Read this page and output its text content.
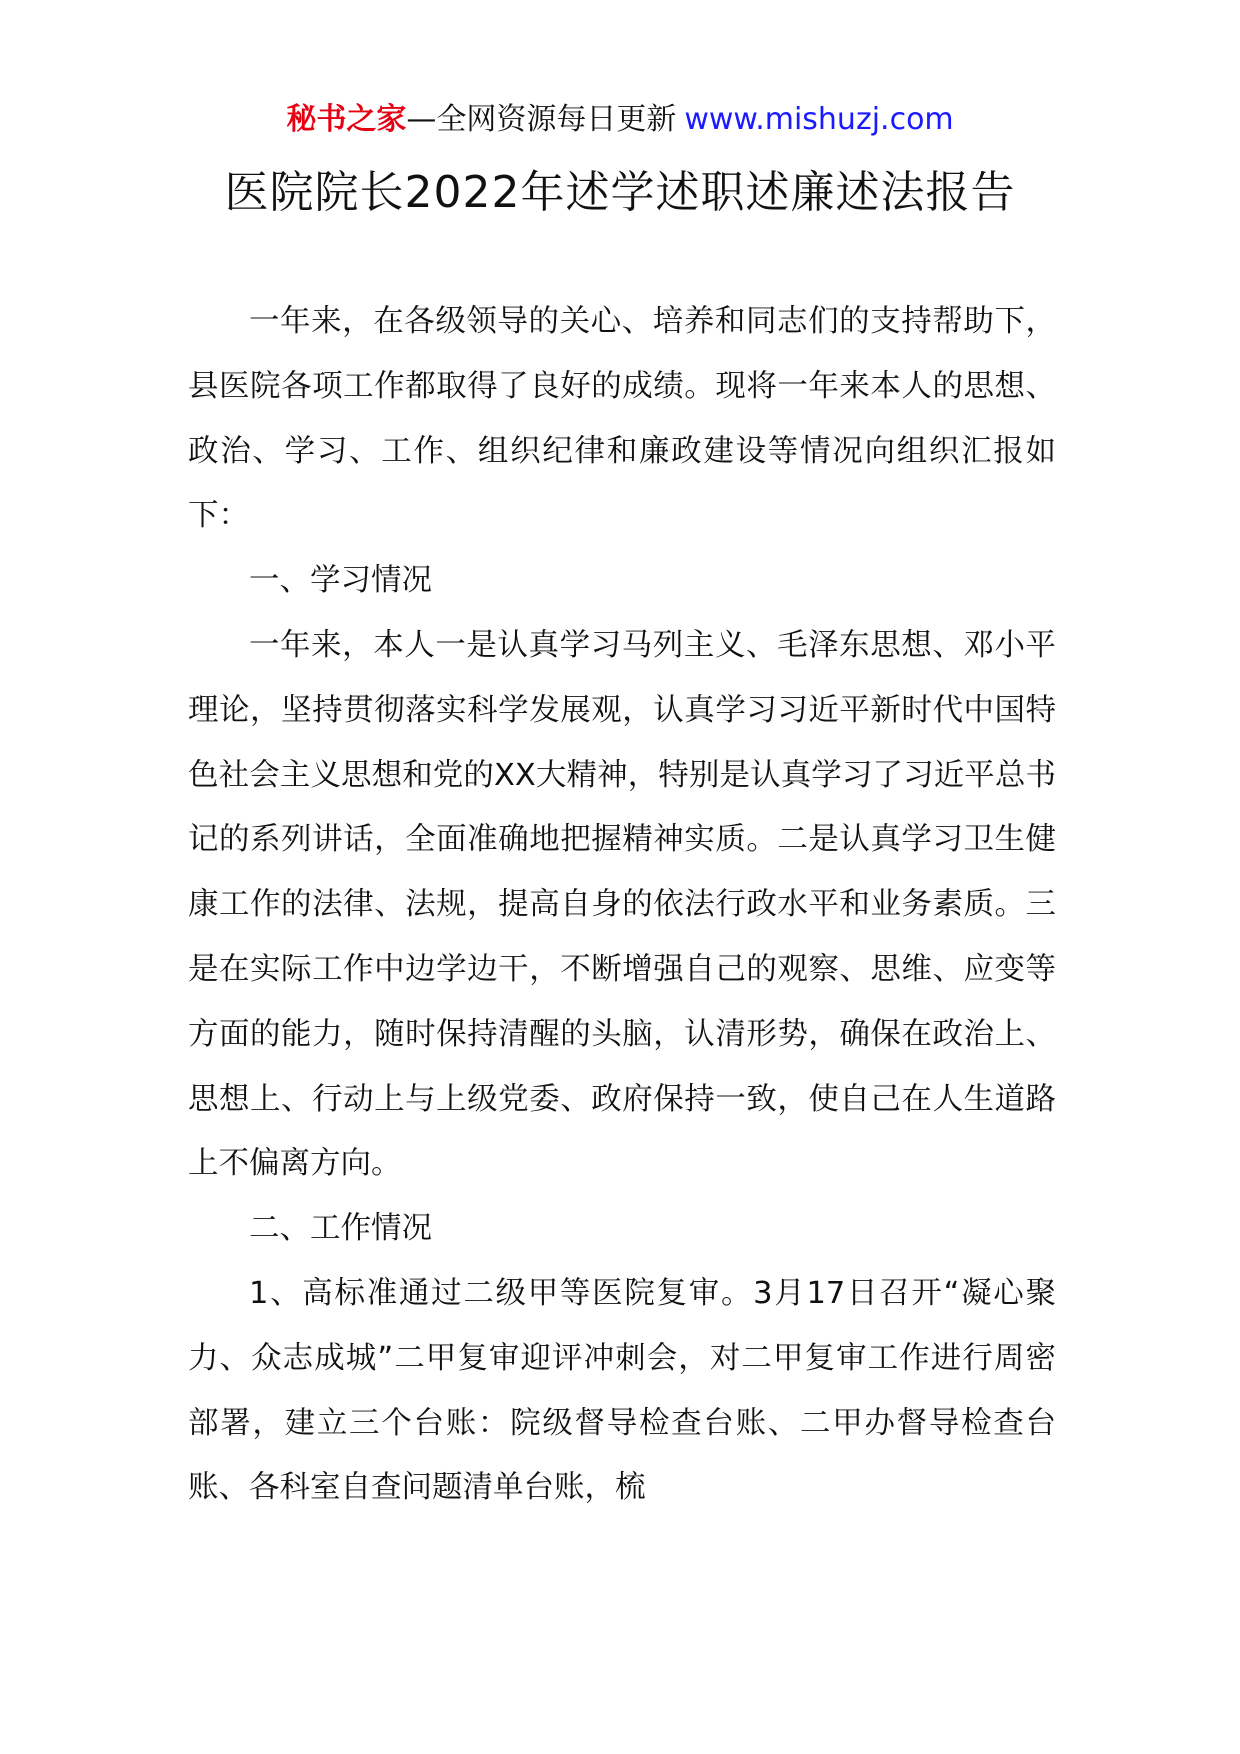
秘书之家—全网资源每日更新 www.mishuzj.com
医院院长2022年述学述职述廉述法报告

一年来，在各级领导的关心、培养和同志们的支持帮助下，县医院各项工作都取得了良好的成绩。现将一年来本人的思想、政治、学习、工作、组织纪律和廉政建设等情况向组织汇报如下：

一、学习情况

一年来，本人一是认真学习马列主义、毛泽东思想、邓小平理论，坚持贯彻落实科学发展观，认真学习习近平新时代中国特色社会主义思想和党的XX大精神，特别是认真学习了习近平总书记的系列讲话，全面准确地把握精神实质。二是认真学习卫生健康工作的法律、法规，提高自身的依法行政水平和业务素质。三是在实际工作中边学边干，不断增强自己的观察、思维、应变等方面的能力，随时保持清醒的头脑，认清形势，确保在政治上、思想上、行动上与上级党委、政府保持一致，使自己在人生道路上不偏离方向。

二、工作情况

1、高标准通过二级甲等医院复审。3月17日召开“凝心聚力、众志成城”二甲复审迎评冲刺会，对二甲复审工作进行周密部署，建立三个台账：院级督导检查台账、二甲办督导检查台账、各科室自查问题清单台账，梳
